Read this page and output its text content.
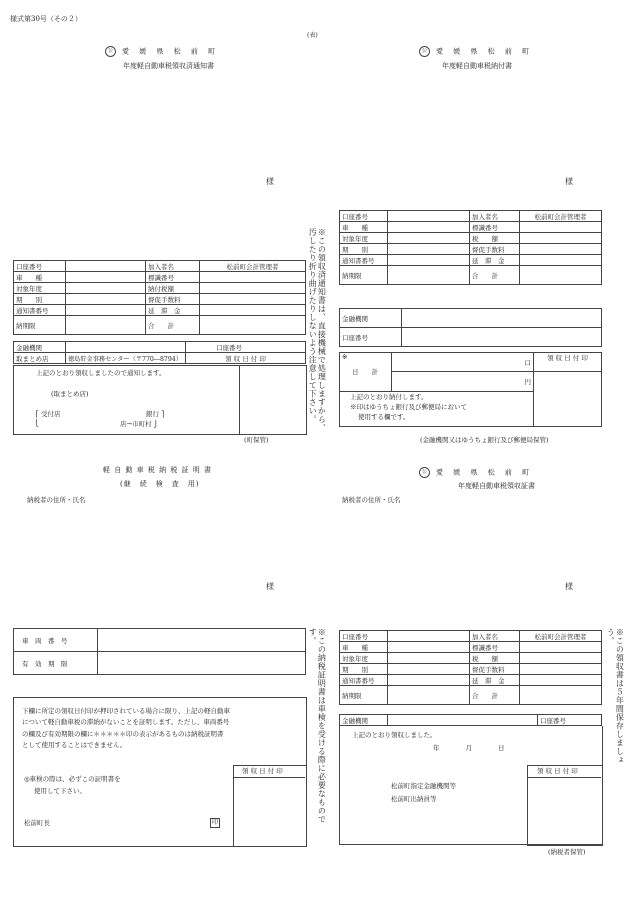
様式第30号（その２）
(表)
公 愛 媛 県 松 前 町
年度軽自動車税領収済通知書
様
口座番号		加入者名	松前町会計管理者
車　　種		標識番号	
対象年度		納付税額	
期　　別		督促手数料	
通知書番号		延　滞　金	
納期限		合　　計	
金融機関		口座番号
取まとめ店	徳島貯金事務センター（〒770―8794）	領 収 日 付 印
上記のとおり領収しましたので通知します。
(取まとめ店)
⎧ 受付店	銀行 ⎫
⎩	店→市町村 ⎭
(町保管)
※この領収済通知書は、直接機械で処理しますから、汚したり折り曲げたりしないよう注意して下さい。
公 愛 媛 県 松 前 町
年度軽自動車税納付書
様
口座番号		加入者名	松前町会計管理者
車　　種		標識番号	
対象年度		税　　額	
期　　別		督促手数料	
通知書番号		延　滞　金	
納期限		合　　計	
金融機関	
口座番号	
※
日　　計	口	領 収 日 付 印
	円	

上記のとおり納付します。
※印はゆうちょ銀行及び郵便局において
使用する欄です。		
(金融機関又はゆうちょ銀行及び郵便局保管)
軽 自 動 車 税 納 税 証 明 書
(継　続　検　査　用)
納税者の住所・氏名
様
車　両　番　号	
有　効　期　限	
下欄に所定の領収日付印が押印されている場合に限り、上記の軽自動車
について軽自動車税の滞納がないことを証明します。ただし、車両番号
の欄及び有効期限の欄に＊＊＊＊＊印の表示があるものは納税証明書
として使用することはできません。
領 収 日 付 印
◎車検の際は、必ずこの証明書を
使用して下さい。
松前町長	印	※この納税証明書は車検を受ける際に必要なものです。
公 愛 媛 県 松 前 町
年度軽自動車税領収証書
納税者の住所・氏名
様
口座番号		加入者名	松前町会計管理者
車　　種		標識番号	
対象年度		税　　額	
期　　別		督促手数料	
通知書番号		延　滞　金	
納期限		合　　計	
金融機関		口座番号
上記のとおり領収しました。
年　　　　月　　　　日
領 収 日 付 印
松前町指定金融機関等
松前町出納員等
(納税者保管)
※この領収書は５年間保存しましょう。
